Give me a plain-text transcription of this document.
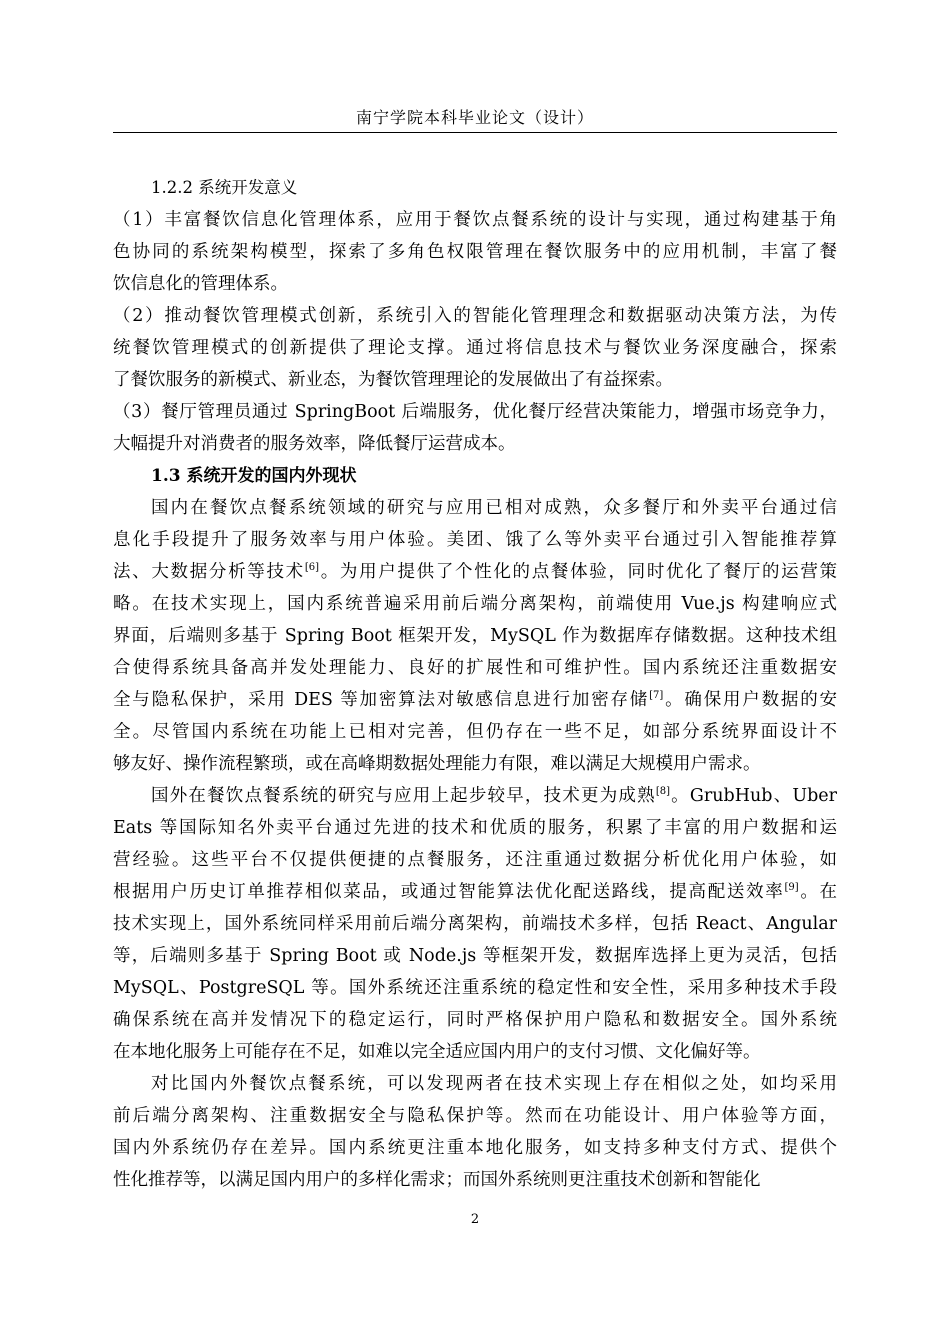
南宁学院本科毕业论文（设计）
1.2.2 系统开发意义
（1）丰富餐饮信息化管理体系，应用于餐饮点餐系统的设计与实现，通过构建基于角
色协同的系统架构模型，探索了多角色权限管理在餐饮服务中的应用机制，丰富了餐
饮信息化的管理体系。
（2）推动餐饮管理模式创新，系统引入的智能化管理理念和数据驱动决策方法，为传
统餐饮管理模式的创新提供了理论支撑。通过将信息技术与餐饮业务深度融合，探索
了餐饮服务的新模式、新业态，为餐饮管理理论的发展做出了有益探索。
（3）餐厅管理员通过 SpringBoot 后端服务，优化餐厅经营决策能力，增强市场竞争力，
大幅提升对消费者的服务效率，降低餐厅运营成本。
1.3 系统开发的国内外现状
国内在餐饮点餐系统领域的研究与应用已相对成熟，众多餐厅和外卖平台通过信
息化手段提升了服务效率与用户体验。美团、饿了么等外卖平台通过引入智能推荐算
法、大数据分析等技术[6]。为用户提供了个性化的点餐体验，同时优化了餐厅的运营策
略。在技术实现上，国内系统普遍采用前后端分离架构，前端使用 Vue.js 构建响应式
界面，后端则多基于 Spring Boot 框架开发，MySQL 作为数据库存储数据。这种技术组
合使得系统具备高并发处理能力、良好的扩展性和可维护性。国内系统还注重数据安
全与隐私保护，采用 DES 等加密算法对敏感信息进行加密存储[7]。确保用户数据的安
全。尽管国内系统在功能上已相对完善，但仍存在一些不足，如部分系统界面设计不
够友好、操作流程繁琐，或在高峰期数据处理能力有限，难以满足大规模用户需求。
国外在餐饮点餐系统的研究与应用上起步较早，技术更为成熟[8]。GrubHub、Uber
Eats 等国际知名外卖平台通过先进的技术和优质的服务，积累了丰富的用户数据和运
营经验。这些平台不仅提供便捷的点餐服务，还注重通过数据分析优化用户体验，如
根据用户历史订单推荐相似菜品，或通过智能算法优化配送路线，提高配送效率[9]。在
技术实现上，国外系统同样采用前后端分离架构，前端技术多样，包括 React、Angular
等，后端则多基于 Spring Boot 或 Node.js 等框架开发，数据库选择上更为灵活，包括
MySQL、PostgreSQL 等。国外系统还注重系统的稳定性和安全性，采用多种技术手段
确保系统在高并发情况下的稳定运行，同时严格保护用户隐私和数据安全。国外系统
在本地化服务上可能存在不足，如难以完全适应国内用户的支付习惯、文化偏好等。
对比国内外餐饮点餐系统，可以发现两者在技术实现上存在相似之处，如均采用
前后端分离架构、注重数据安全与隐私保护等。然而在功能设计、用户体验等方面，
国内外系统仍存在差异。国内系统更注重本地化服务，如支持多种支付方式、提供个
性化推荐等，以满足国内用户的多样化需求；而国外系统则更注重技术创新和智能化
2
